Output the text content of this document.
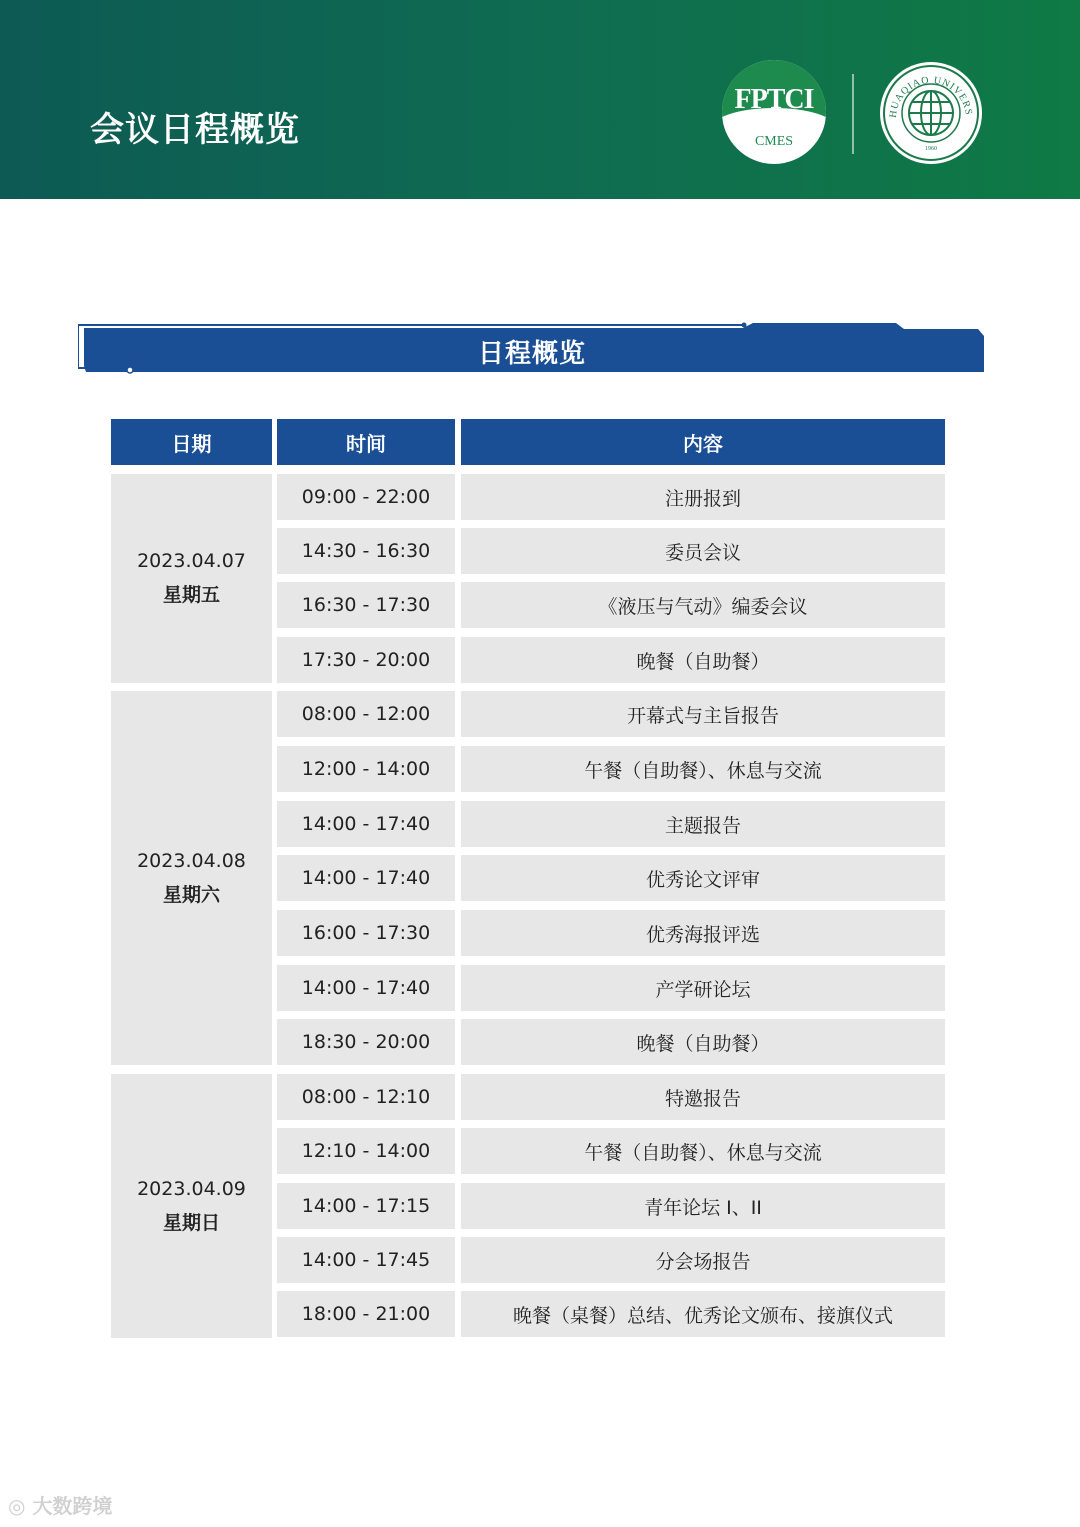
会议日程概览
FPTCI
CMES
HUAQIAO UNIVERS
1960
日程概览
日期	时间	内容
2023.04.07
星期五
09:00 - 22:00	注册报到
14:30 - 16:30	委员会议
16:30 - 17:30	《液压与气动》编委会议
17:30 - 20:00	晚餐（自助餐）
2023.04.08
星期六
08:00 - 12:00	开幕式与主旨报告
12:00 - 14:00	午餐（自助餐）、休息与交流
14:00 - 17:40	主题报告
14:00 - 17:40	优秀论文评审
16:00 - 17:30	优秀海报评选
14:00 - 17:40	产学研论坛
18:30 - 20:00	晚餐（自助餐）
2023.04.09
星期日
08:00 - 12:10	特邀报告
12:10 - 14:00	午餐（自助餐）、休息与交流
14:00 - 17:15	青年论坛 I、II
14:00 - 17:45	分会场报告
18:00 - 21:00	晚餐（桌餐）总结、优秀论文颁布、接旗仪式
◎ 大数跨境
